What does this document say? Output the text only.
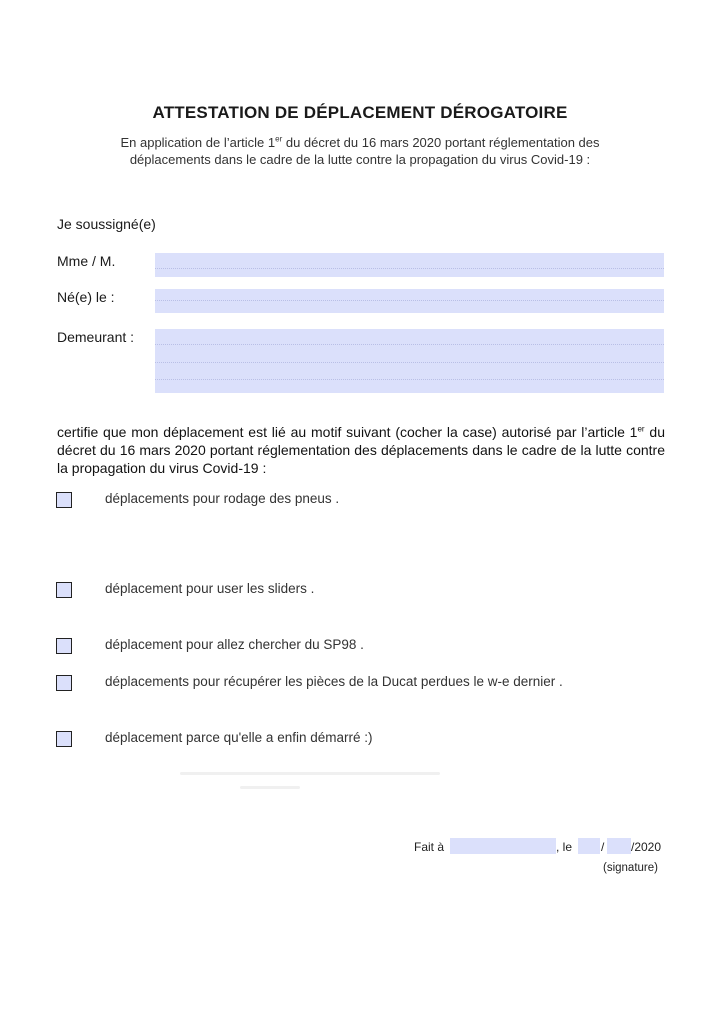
ATTESTATION DE DÉPLACEMENT DÉROGATOIRE
En application de l’article 1er du décret du 16 mars 2020 portant réglementation des
déplacements dans le cadre de la lutte contre la propagation du virus Covid-19 :
Je soussigné(e)
Mme / M.
Né(e) le :
Demeurant :
certifie que mon déplacement est lié au motif suivant (cocher la case) autorisé par l’article 1er du décret du 16 mars 2020 portant réglementation des déplacements dans le cadre de la lutte contre la propagation du virus Covid-19 :
déplacements pour rodage des pneus .
déplacement pour user les sliders .
déplacement pour allez chercher du SP98 .
déplacements pour récupérer les pièces de la Ducat perdues le w-e dernier .
déplacement parce qu'elle a enfin démarré :)
Fait à	, le / /2020
(signature)
